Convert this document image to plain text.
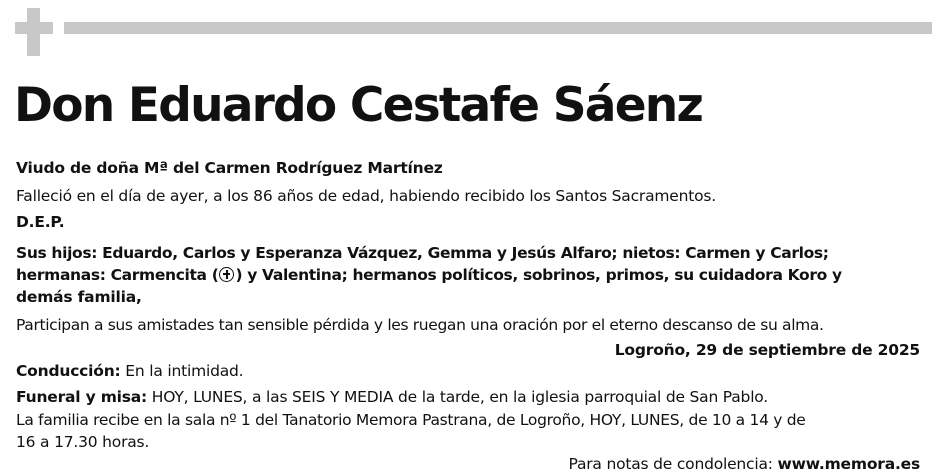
Don Eduardo Cestafe Sáenz
Viudo de doña Mª del Carmen Rodríguez Martínez
Falleció en el día de ayer, a los 86 años de edad, habiendo recibido los Santos Sacramentos.
D.E.P.
Sus hijos: Eduardo, Carlos y Esperanza Vázquez, Gemma y Jesús Alfaro; nietos: Carmen y Carlos;
hermanas: Carmencita ( ) y Valentina; hermanos políticos, sobrinos, primos, su cuidadora Koro y
demás familia,
Participan a sus amistades tan sensible pérdida y les ruegan una oración por el eterno descanso de su alma.
Logroño, 29 de septiembre de 2025
Conducción: En la intimidad.
Funeral y misa: HOY, LUNES, a las SEIS Y MEDIA de la tarde, en la iglesia parroquial de San Pablo.
La familia recibe en la sala nº 1 del Tanatorio Memora Pastrana, de Logroño, HOY, LUNES, de 10 a 14 y de
16 a 17.30 horas.
Para notas de condolencia: www.memora.es
